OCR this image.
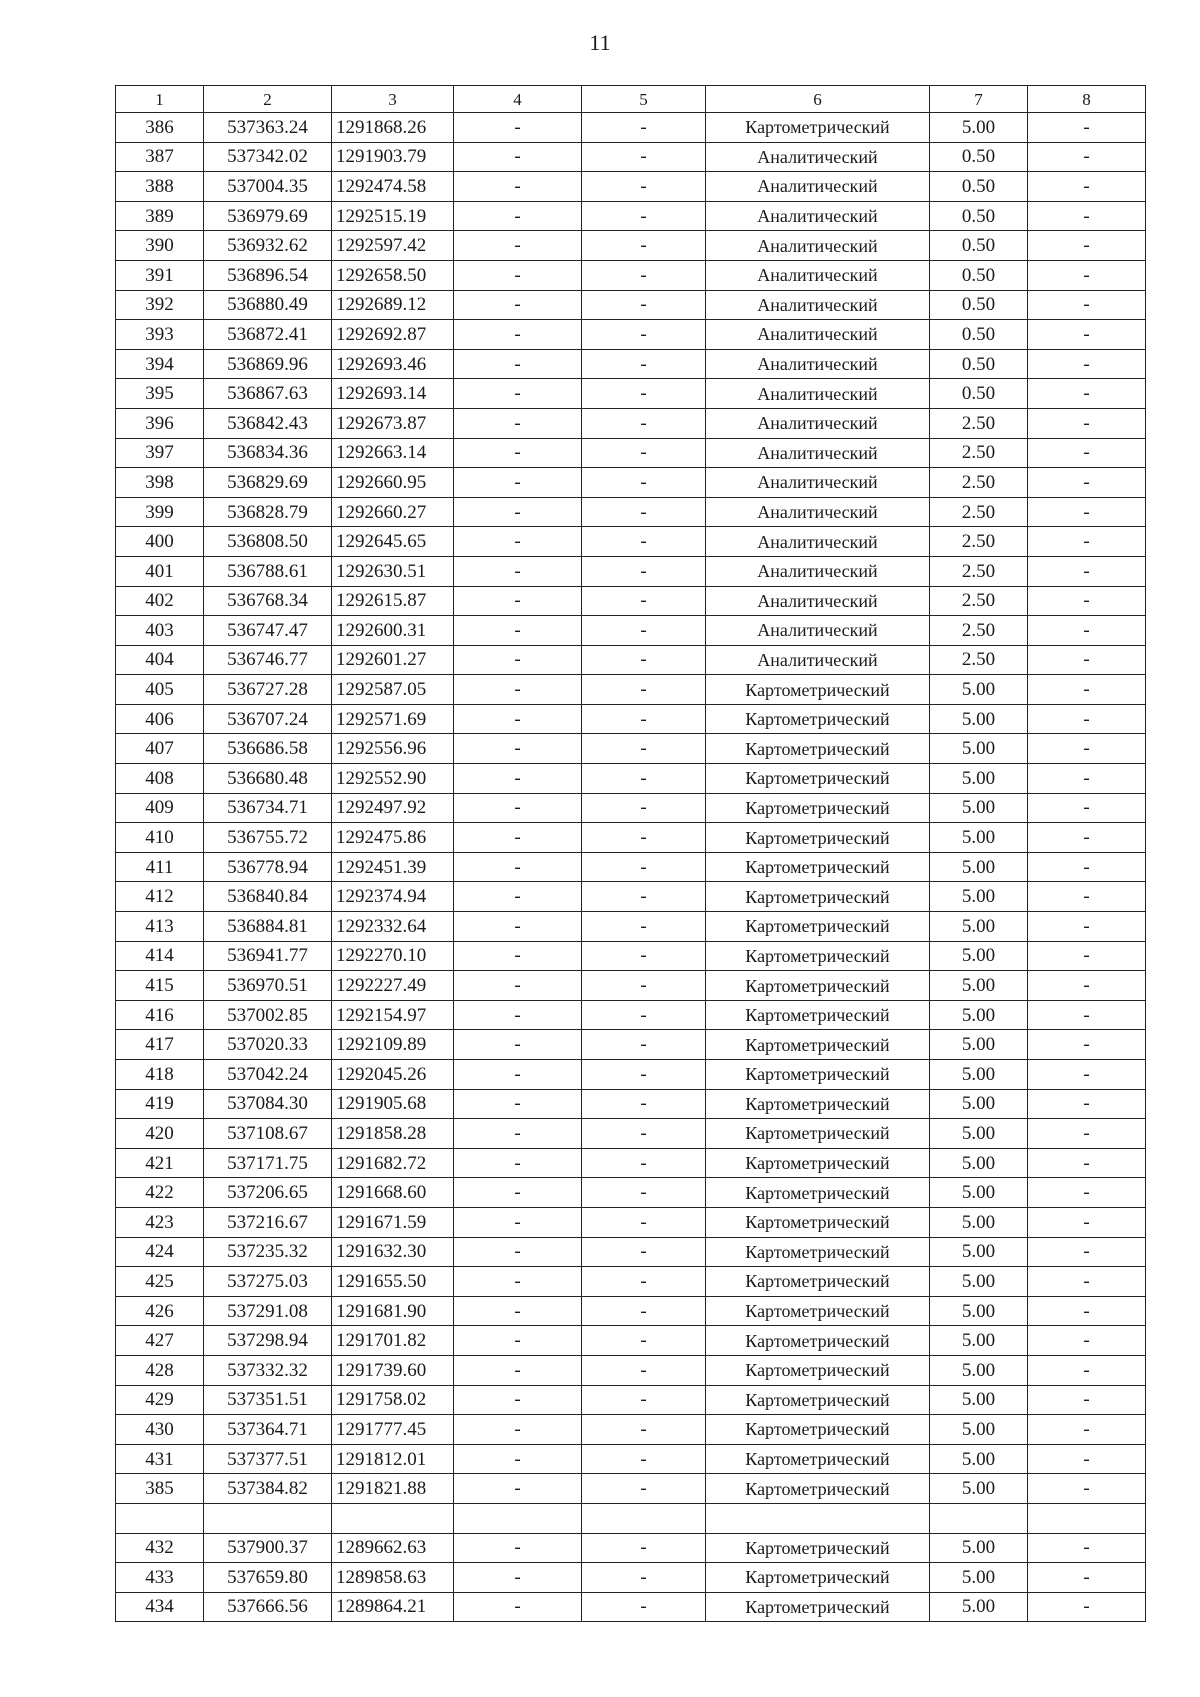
11
1	2	3	4	5	6	7	8
386	537363.24	1291868.26	-	-	Картометрический	5.00	-
387	537342.02	1291903.79	-	-	Аналитический	0.50	-
388	537004.35	1292474.58	-	-	Аналитический	0.50	-
389	536979.69	1292515.19	-	-	Аналитический	0.50	-
390	536932.62	1292597.42	-	-	Аналитический	0.50	-
391	536896.54	1292658.50	-	-	Аналитический	0.50	-
392	536880.49	1292689.12	-	-	Аналитический	0.50	-
393	536872.41	1292692.87	-	-	Аналитический	0.50	-
394	536869.96	1292693.46	-	-	Аналитический	0.50	-
395	536867.63	1292693.14	-	-	Аналитический	0.50	-
396	536842.43	1292673.87	-	-	Аналитический	2.50	-
397	536834.36	1292663.14	-	-	Аналитический	2.50	-
398	536829.69	1292660.95	-	-	Аналитический	2.50	-
399	536828.79	1292660.27	-	-	Аналитический	2.50	-
400	536808.50	1292645.65	-	-	Аналитический	2.50	-
401	536788.61	1292630.51	-	-	Аналитический	2.50	-
402	536768.34	1292615.87	-	-	Аналитический	2.50	-
403	536747.47	1292600.31	-	-	Аналитический	2.50	-
404	536746.77	1292601.27	-	-	Аналитический	2.50	-
405	536727.28	1292587.05	-	-	Картометрический	5.00	-
406	536707.24	1292571.69	-	-	Картометрический	5.00	-
407	536686.58	1292556.96	-	-	Картометрический	5.00	-
408	536680.48	1292552.90	-	-	Картометрический	5.00	-
409	536734.71	1292497.92	-	-	Картометрический	5.00	-
410	536755.72	1292475.86	-	-	Картометрический	5.00	-
411	536778.94	1292451.39	-	-	Картометрический	5.00	-
412	536840.84	1292374.94	-	-	Картометрический	5.00	-
413	536884.81	1292332.64	-	-	Картометрический	5.00	-
414	536941.77	1292270.10	-	-	Картометрический	5.00	-
415	536970.51	1292227.49	-	-	Картометрический	5.00	-
416	537002.85	1292154.97	-	-	Картометрический	5.00	-
417	537020.33	1292109.89	-	-	Картометрический	5.00	-
418	537042.24	1292045.26	-	-	Картометрический	5.00	-
419	537084.30	1291905.68	-	-	Картометрический	5.00	-
420	537108.67	1291858.28	-	-	Картометрический	5.00	-
421	537171.75	1291682.72	-	-	Картометрический	5.00	-
422	537206.65	1291668.60	-	-	Картометрический	5.00	-
423	537216.67	1291671.59	-	-	Картометрический	5.00	-
424	537235.32	1291632.30	-	-	Картометрический	5.00	-
425	537275.03	1291655.50	-	-	Картометрический	5.00	-
426	537291.08	1291681.90	-	-	Картометрический	5.00	-
427	537298.94	1291701.82	-	-	Картометрический	5.00	-
428	537332.32	1291739.60	-	-	Картометрический	5.00	-
429	537351.51	1291758.02	-	-	Картометрический	5.00	-
430	537364.71	1291777.45	-	-	Картометрический	5.00	-
431	537377.51	1291812.01	-	-	Картометрический	5.00	-
385	537384.82	1291821.88	-	-	Картометрический	5.00	-

432	537900.37	1289662.63	-	-	Картометрический	5.00	-
433	537659.80	1289858.63	-	-	Картометрический	5.00	-
434	537666.56	1289864.21	-	-	Картометрический	5.00	-
